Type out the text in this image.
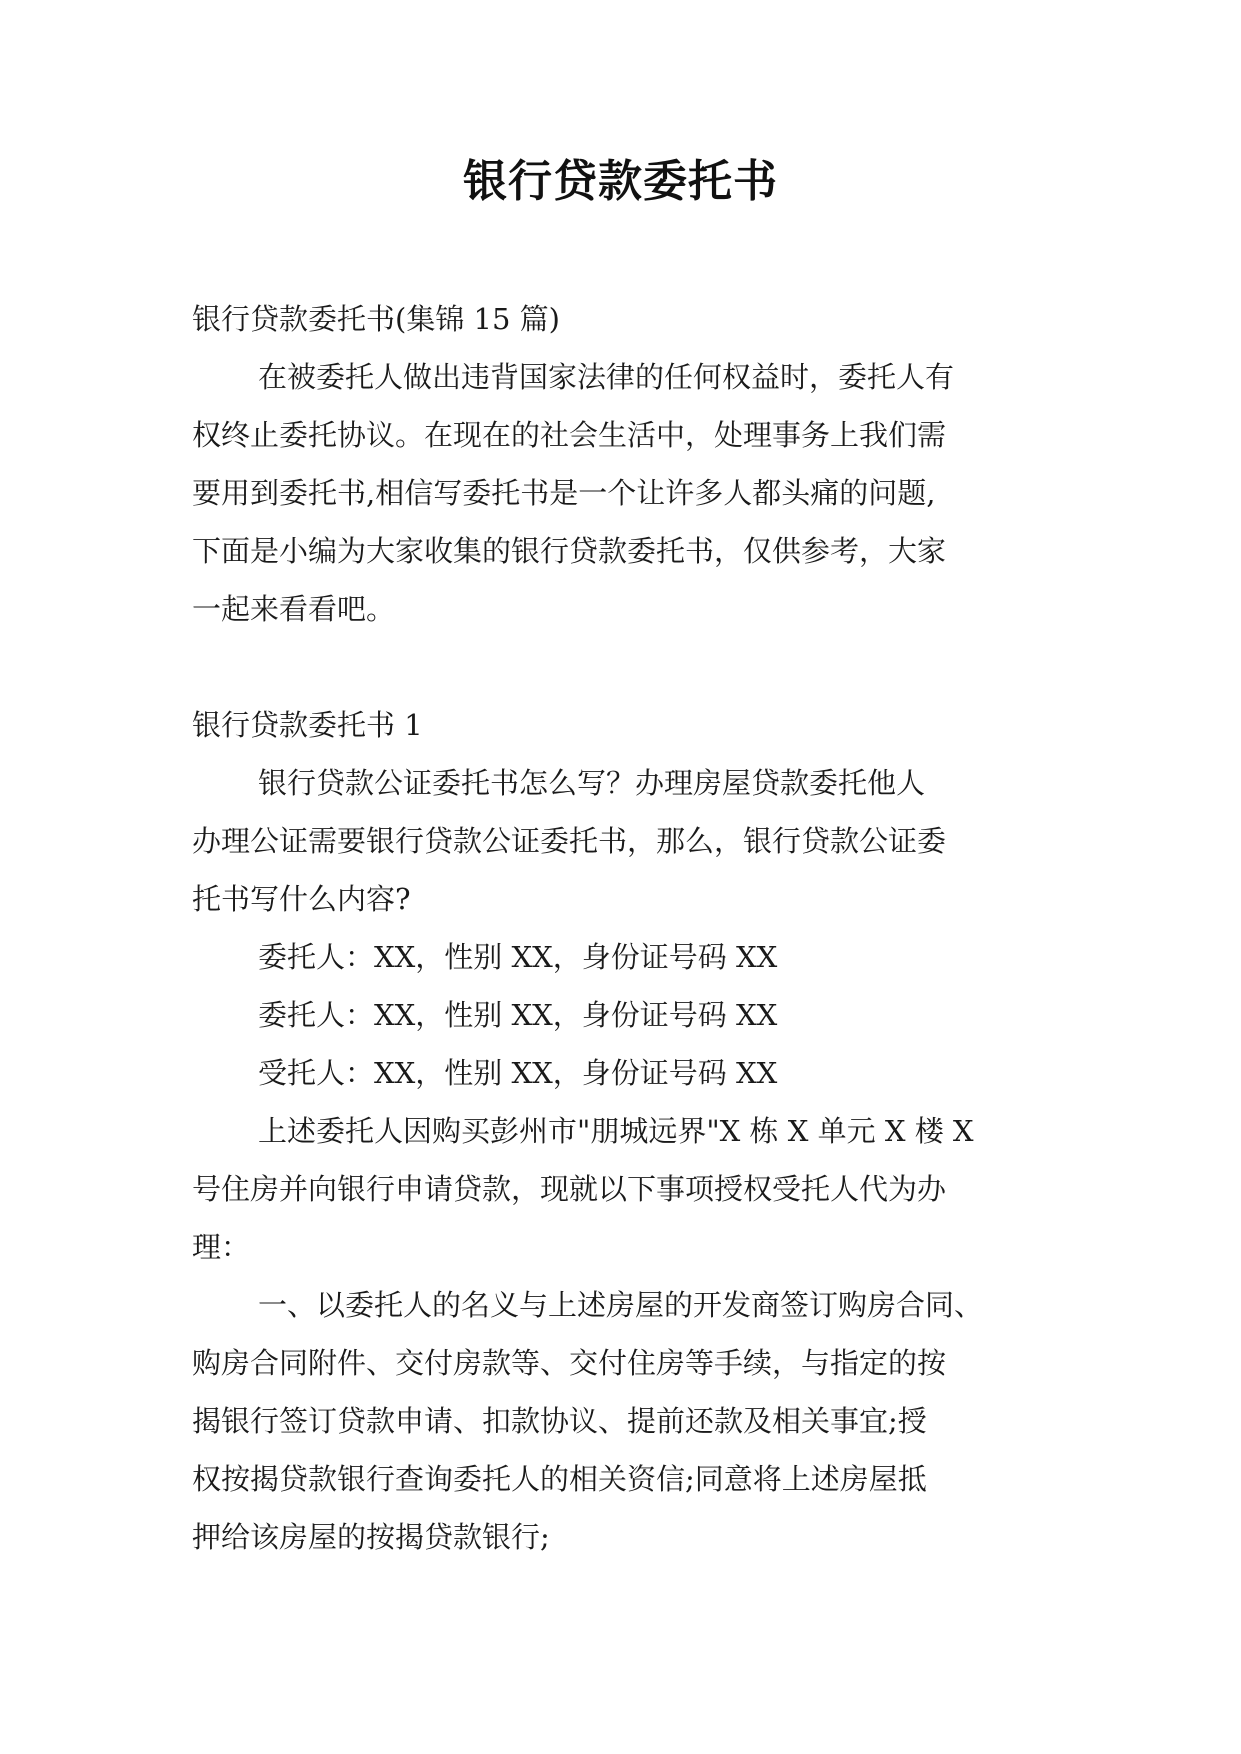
银行贷款委托书

银行贷款委托书(集锦 15 篇)

在被委托人做出违背国家法律的任何权益时，委托人有

权终止委托协议。在现在的社会生活中，处理事务上我们需

要用到委托书,相信写委托书是一个让许多人都头痛的问题,

下面是小编为大家收集的银行贷款委托书，仅供参考，大家

一起来看看吧。

银行贷款委托书 1

银行贷款公证委托书怎么写？办理房屋贷款委托他人

办理公证需要银行贷款公证委托书，那么，银行贷款公证委

托书写什么内容?

委托人：XX，性别 XX，身份证号码 XX

委托人：XX，性别 XX，身份证号码 XX

受托人：XX，性别 XX，身份证号码 XX

上述委托人因购买彭州市"朋城远界"X 栋 X 单元 X 楼 X

号住房并向银行申请贷款，现就以下事项授权受托人代为办

理：

一、以委托人的名义与上述房屋的开发商签订购房合同、

购房合同附件、交付房款等、交付住房等手续，与指定的按

揭银行签订贷款申请、扣款协议、提前还款及相关事宜;授

权按揭贷款银行查询委托人的相关资信;同意将上述房屋抵

押给该房屋的按揭贷款银行;
